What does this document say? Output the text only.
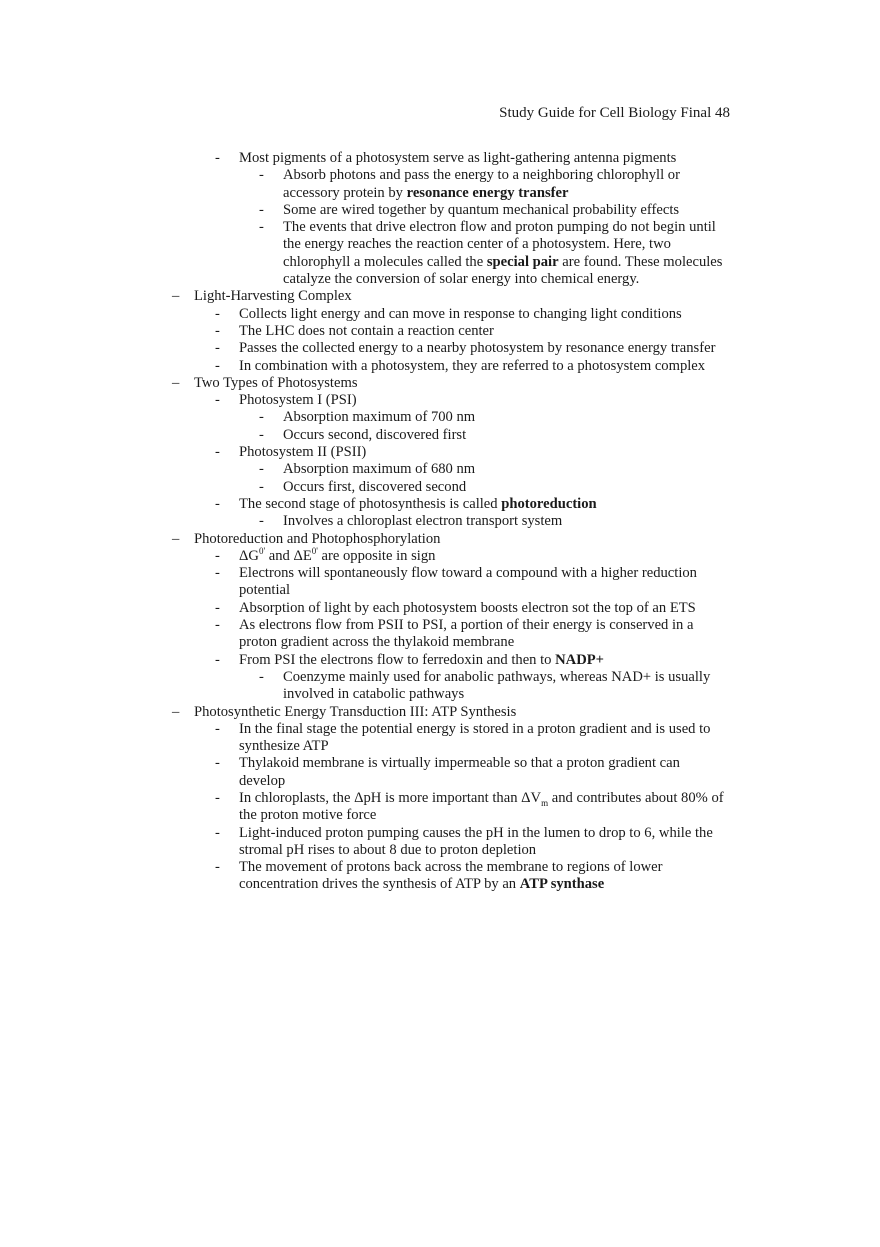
Study Guide for Cell Biology Final 48
- Most pigments of a photosystem serve as light-gathering antenna pigments
- Absorb photons and pass the energy to a neighboring chlorophyll or accessory protein by resonance energy transfer
- Some are wired together by quantum mechanical probability effects
- The events that drive electron flow and proton pumping do not begin until the energy reaches the reaction center of a photosystem. Here, two chlorophyll a molecules called the special pair are found. These molecules catalyze the conversion of solar energy into chemical energy.
– Light-Harvesting Complex
- Collects light energy and can move in response to changing light conditions
- The LHC does not contain a reaction center
- Passes the collected energy to a nearby photosystem by resonance energy transfer
- In combination with a photosystem, they are referred to a photosystem complex
– Two Types of Photosystems
- Photosystem I (PSI)
- Absorption maximum of 700 nm
- Occurs second, discovered first
- Photosystem II (PSII)
- Absorption maximum of 680 nm
- Occurs first, discovered second
- The second stage of photosynthesis is called photoreduction
- Involves a chloroplast electron transport system
– Photoreduction and Photophosphorylation
- $\Delta G^{0'}$ and $\Delta E^{0'}$ are opposite in sign
- Electrons will spontaneously flow toward a compound with a higher reduction potential
- Absorption of light by each photosystem boosts electron sot the top of an ETS
- As electrons flow from PSII to PSI, a portion of their energy is conserved in a proton gradient across the thylakoid membrane
- From PSI the electrons flow to ferredoxin and then to NADP+
- Coenzyme mainly used for anabolic pathways, whereas NAD+ is usually involved in catabolic pathways
– Photosynthetic Energy Transduction III: ATP Synthesis
- In the final stage the potential energy is stored in a proton gradient and is used to synthesize ATP
- Thylakoid membrane is virtually impermeable so that a proton gradient can develop
- In chloroplasts, the ΔpH is more important than $\Delta V_m$ and contributes about 80% of the proton motive force
- Light-induced proton pumping causes the pH in the lumen to drop to 6, while the stromal pH rises to about 8 due to proton depletion
- The movement of protons back across the membrane to regions of lower concentration drives the synthesis of ATP by an ATP synthase
